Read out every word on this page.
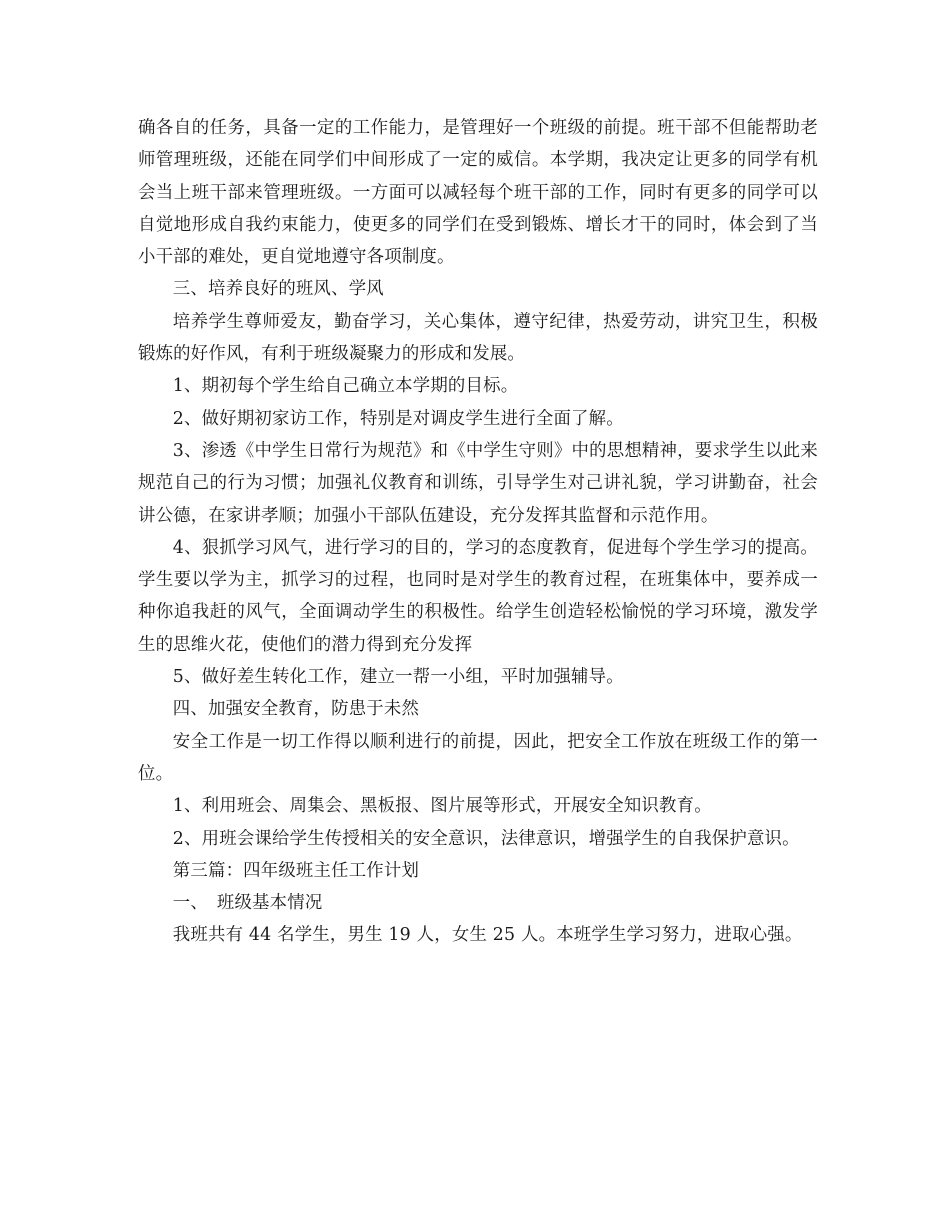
确各自的任务，具备一定的工作能力，是管理好一个班级的前提。班干部不但能帮助老师管理班级，还能在同学们中间形成了一定的威信。本学期，我决定让更多的同学有机会当上班干部来管理班级。一方面可以减轻每个班干部的工作，同时有更多的同学可以自觉地形成自我约束能力，使更多的同学们在受到锻炼、增长才干的同时，体会到了当小干部的难处，更自觉地遵守各项制度。

三、培养良好的班风、学风

培养学生尊师爱友，勤奋学习，关心集体，遵守纪律，热爱劳动，讲究卫生，积极锻炼的好作风，有利于班级凝聚力的形成和发展。

1、期初每个学生给自己确立本学期的目标。

2、做好期初家访工作，特别是对调皮学生进行全面了解。

3、渗透《中学生日常行为规范》和《中学生守则》中的思想精神，要求学生以此来规范自己的行为习惯；加强礼仪教育和训练，引导学生对己讲礼貌，学习讲勤奋，社会讲公德，在家讲孝顺；加强小干部队伍建设，充分发挥其监督和示范作用。

4、狠抓学习风气，进行学习的目的，学习的态度教育，促进每个学生学习的提高。学生要以学为主，抓学习的过程，也同时是对学生的教育过程，在班集体中，要养成一种你追我赶的风气，全面调动学生的积极性。给学生创造轻松愉悦的学习环境，激发学生的思维火花，使他们的潜力得到充分发挥

5、做好差生转化工作，建立一帮一小组，平时加强辅导。

四、加强安全教育，防患于未然

安全工作是一切工作得以顺利进行的前提，因此，把安全工作放在班级工作的第一位。

1、利用班会、周集会、黑板报、图片展等形式，开展安全知识教育。

2、用班会课给学生传授相关的安全意识，法律意识，增强学生的自我保护意识。

第三篇：四年级班主任工作计划

一、　班级基本情况

我班共有 44 名学生，男生 19 人，女生 25 人。本班学生学习努力，进取心强。
